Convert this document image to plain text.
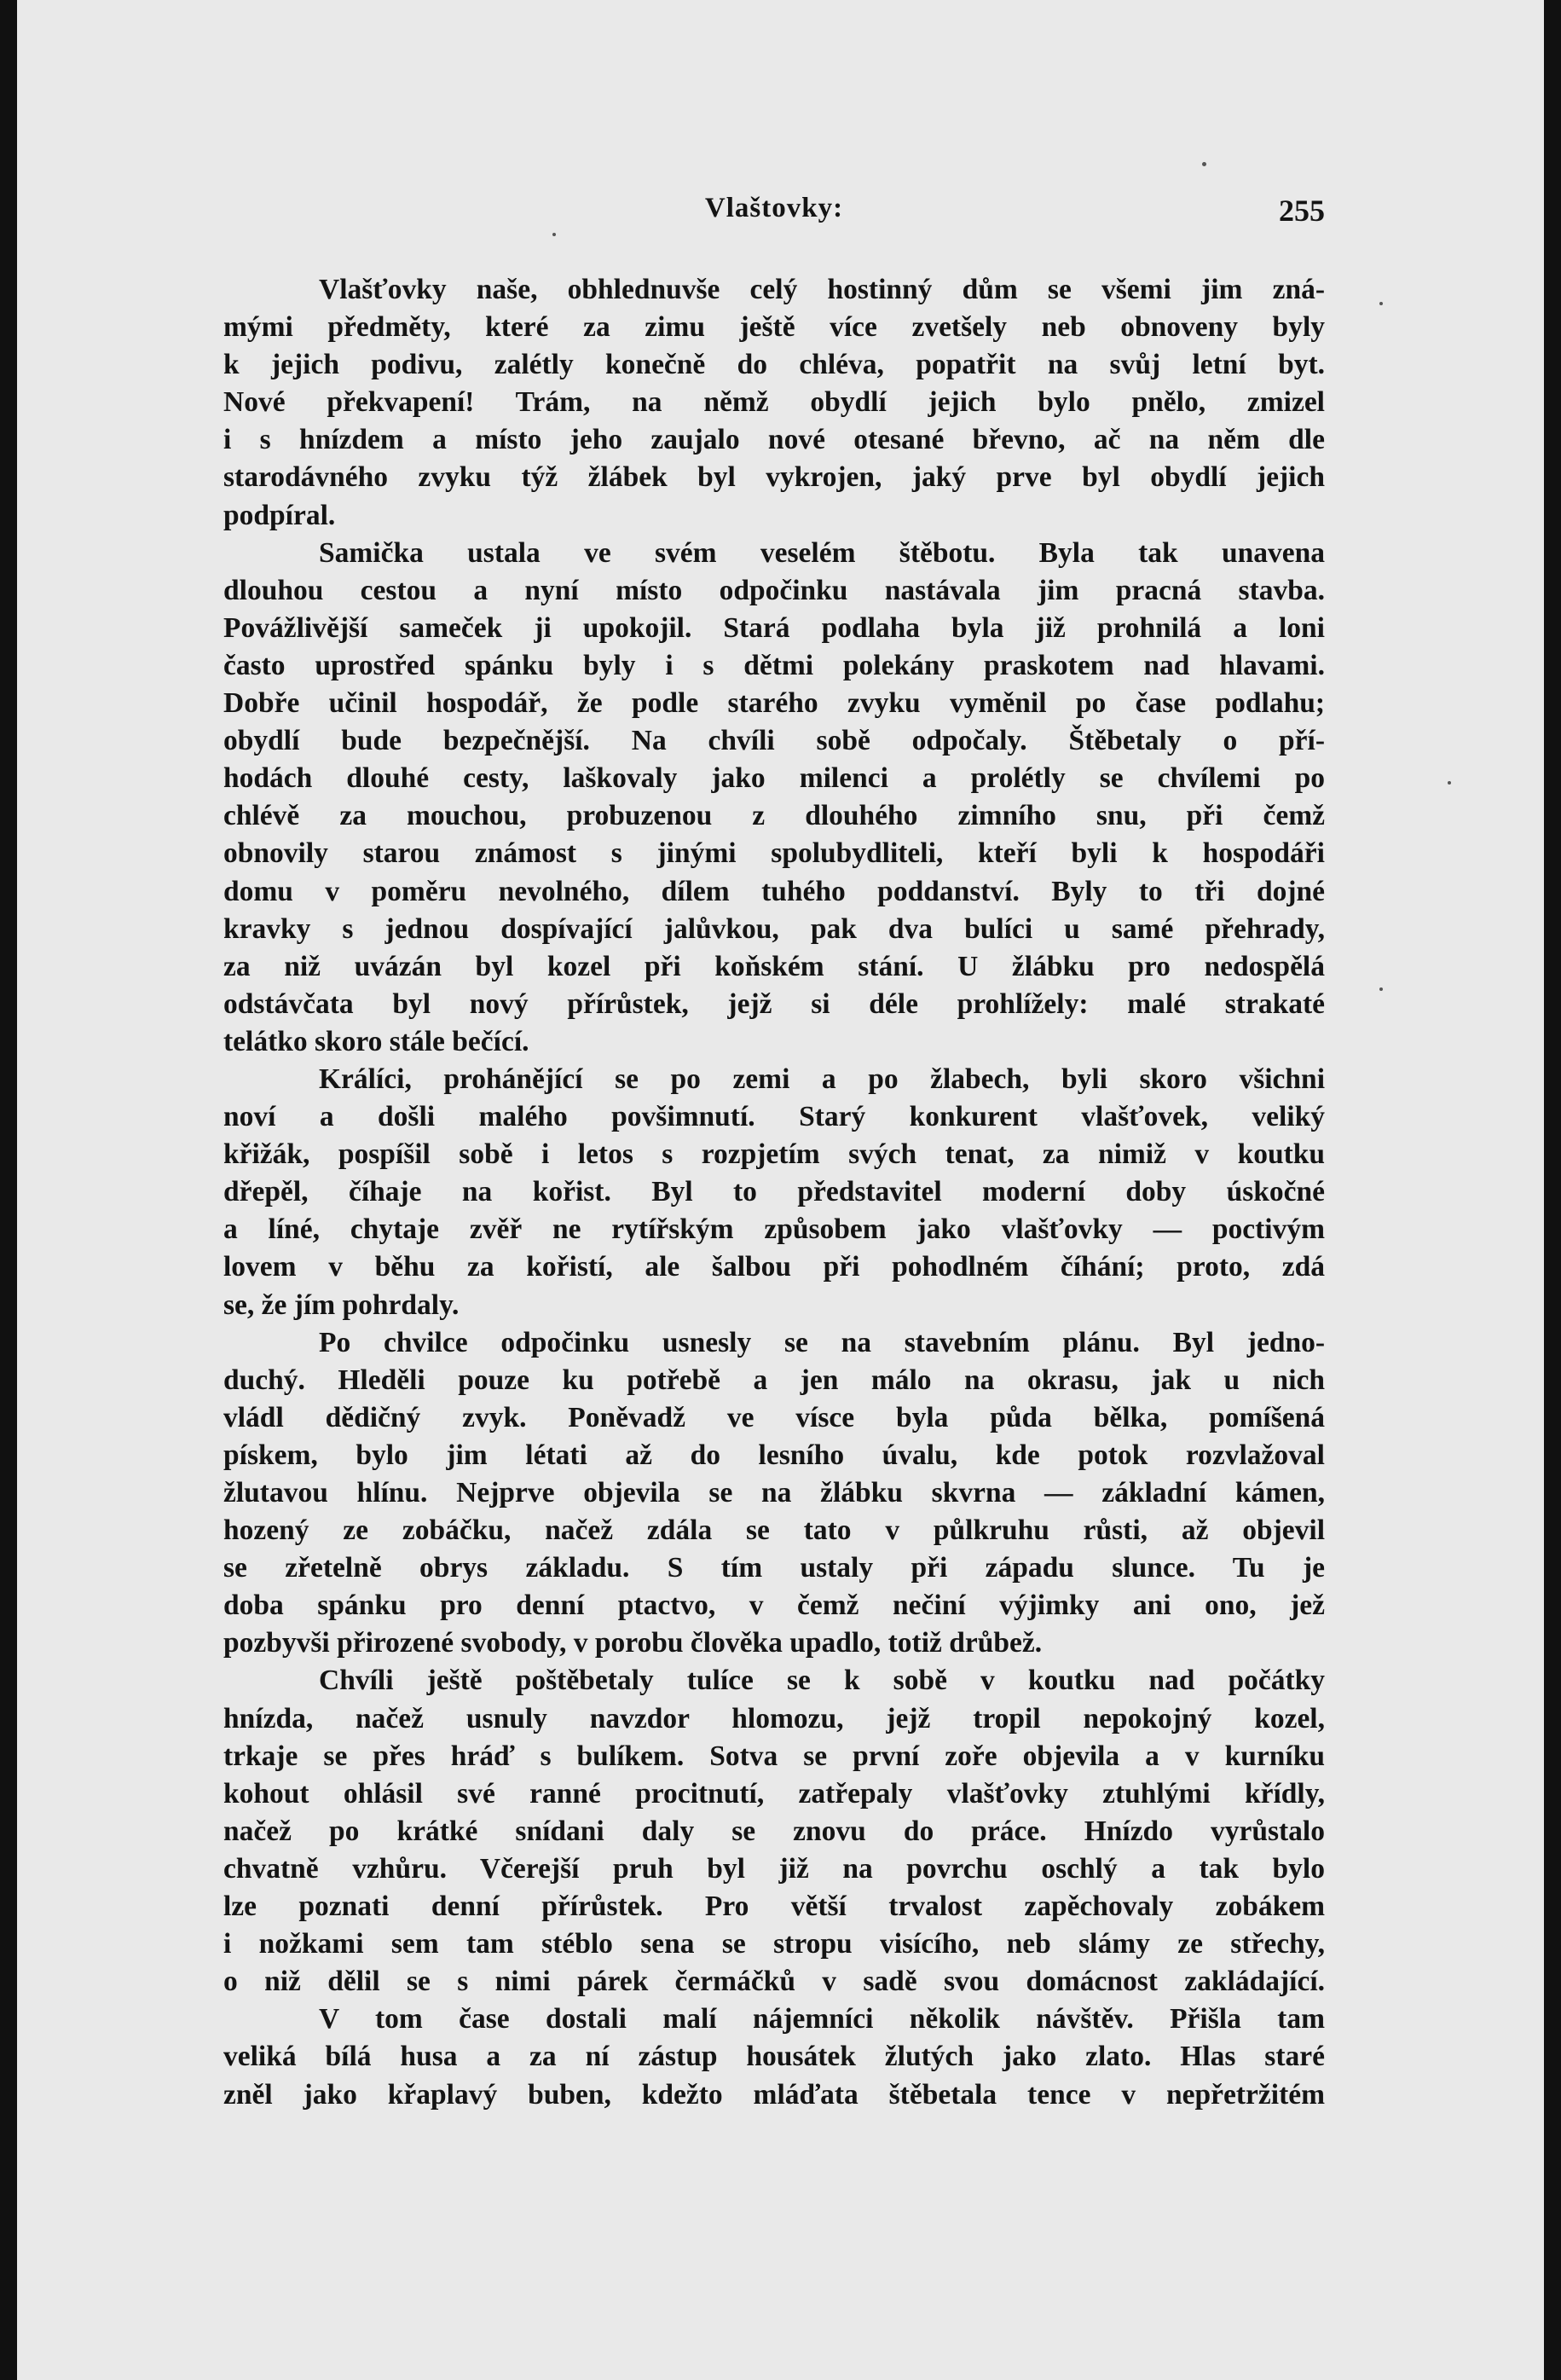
Vlaštovky:	255
Vlašťovky naše, obhlednuvše celý hostinný dům se všemi jim zná-
mými předměty, které za zimu ještě více zvetšely neb obnoveny byly
k jejich podivu, zalétly konečně do chléva, popatřit na svůj letní byt.
Nové překvapení! Trám, na němž obydlí jejich bylo pnělo, zmizel
i s hnízdem a místo jeho zaujalo nové otesané břevno, ač na něm dle
starodávného zvyku týž žlábek byl vykrojen, jaký prve byl obydlí jejich
podpíral.
Samička ustala ve svém veselém štěbotu. Byla tak unavena
dlouhou cestou a nyní místo odpočinku nastávala jim pracná stavba.
Povážlivější sameček ji upokojil. Stará podlaha byla již prohnilá a loni
často uprostřed spánku byly i s dětmi polekány praskotem nad hlavami.
Dobře učinil hospodář, že podle starého zvyku vyměnil po čase podlahu;
obydlí bude bezpečnější. Na chvíli sobě odpočaly. Štěbetaly o pří-
hodách dlouhé cesty, laškovaly jako milenci a prolétly se chvílemi po
chlévě za mouchou, probuzenou z dlouhého zimního snu, při čemž
obnovily starou známost s jinými spolubydliteli, kteří byli k hospodáři
domu v poměru nevolného, dílem tuhého poddanství. Byly to tři dojné
kravky s jednou dospívající jalůvkou, pak dva bulíci u samé přehrady,
za niž uvázán byl kozel při koňském stání. U žlábku pro nedospělá
odstávčata byl nový přírůstek, jejž si déle prohlížely: malé strakaté
telátko skoro stále bečící.
Králíci, prohánějící se po zemi a po žlabech, byli skoro všichni
noví a došli malého povšimnutí. Starý konkurent vlašťovek, veliký
křižák, pospíšil sobě i letos s rozpjetím svých tenat, za nimiž v koutku
dřepěl, číhaje na kořist. Byl to představitel moderní doby úskočné
a líné, chytaje zvěř ne rytířským způsobem jako vlašťovky — poctivým
lovem v běhu za kořistí, ale šalbou při pohodlném číhání; proto, zdá
se, že jím pohrdaly.
Po chvilce odpočinku usnesly se na stavebním plánu. Byl jedno-
duchý. Hleděli pouze ku potřebě a jen málo na okrasu, jak u nich
vládl dědičný zvyk. Poněvadž ve vísce byla půda bělka, pomíšená
pískem, bylo jim létati až do lesního úvalu, kde potok rozvlažoval
žlutavou hlínu. Nejprve objevila se na žlábku skvrna — základní kámen,
hozený ze zobáčku, načež zdála se tato v půlkruhu růsti, až objevil
se zřetelně obrys základu. S tím ustaly při západu slunce. Tu je
doba spánku pro denní ptactvo, v čemž nečiní výjimky ani ono, jež
pozbyvši přirozené svobody, v porobu člověka upadlo, totiž drůbež.
Chvíli ještě poštěbetaly tulíce se k sobě v koutku nad počátky
hnízda, načež usnuly navzdor hlomozu, jejž tropil nepokojný kozel,
trkaje se přes hráď s bulíkem. Sotva se první zoře objevila a v kurníku
kohout ohlásil své ranné procitnutí, zatřepaly vlašťovky ztuhlými křídly,
načež po krátké snídani daly se znovu do práce. Hnízdo vyrůstalo
chvatně vzhůru. Včerejší pruh byl již na povrchu oschlý a tak bylo
lze poznati denní přírůstek. Pro větší trvalost zapěchovaly zobákem
i nožkami sem tam stéblo sena se stropu visícího, neb slámy ze střechy,
o niž dělil se s nimi párek čermáčků v sadě svou domácnost zakládající.
V tom čase dostali malí nájemníci několik návštěv. Přišla tam
veliká bílá husa a za ní zástup housátek žlutých jako zlato. Hlas staré
zněl jako křaplavý buben, kdežto mláďata štěbetala tence v nepřetržitém
